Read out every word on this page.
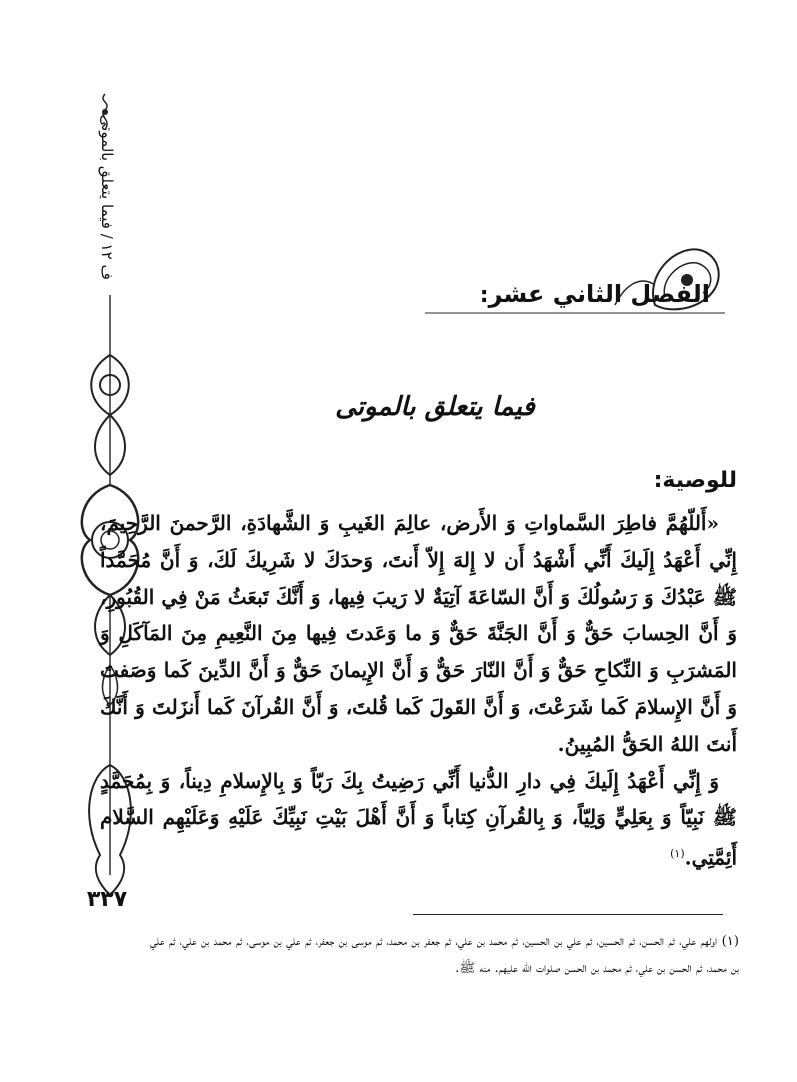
ف ١٢ / فيما يتعلق بالموتى
٣٣٧
الفصل الثاني عشر:
فيما يتعلق بالموتى
للوصية:

«أَللّهُمَّ فاطِرَ السَّماواتِ وَ الأَرض، عالِمَ الغَيبِ وَ الشَّهادَةِ، الرَّحمنَ الرَّحِيمَ، إِنِّي أَعْهَدُ إِلَيكَ أَنِّي أَشْهَدُ أَن لا إِلهَ إِلاّ أَنتَ، وَحدَكَ لا شَرِيكَ لَكَ، وَ أَنَّ مُحَمَّداً ﷺ عَبْدُكَ وَ رَسُولُكَ وَ أَنَّ السّاعَةَ آتِيَةٌ لا رَيبَ فِيها، وَ أَنَّكَ تَبعَثُ مَنْ فِي القُبُورِ، وَ أَنَّ الحِسابَ حَقٌّ وَ أَنَّ الجَنَّةَ حَقٌّ وَ ما وَعَدتَ فِيها مِنَ النَّعِيمِ مِنَ المَآكَلِ وَ المَشرَبِ وَ النِّكاحِ حَقٌّ وَ أَنَّ النّارَ حَقٌّ وَ أَنَّ الإِيمانَ حَقٌّ وَ أَنَّ الدِّينَ كَما وَصَفتَ وَ أَنَّ الإِسلامَ كَما شَرَعْتَ، وَ أَنَّ القَولَ كَما قُلتَ، وَ أَنَّ القُرآنَ كَما أَنزَلتَ وَ أَنَّكَ أَنتَ اللهُ الحَقُّ المُبِينُ.

وَ إِنِّي أَعْهَدُ إِلَيكَ فِي دارِ الدُّنيا أَنِّي رَضِيتُ بِكَ رَبّاً وَ بِالإِسلامِ دِيناً، وَ بِمُحَمَّدٍ ﷺ نَبِيّاً وَ بِعَلِيٍّ وَلِيّاً، وَ بِالقُرآنِ كِتاباً وَ أَنَّ أَهْلَ بَيْتِ نَبِيِّكَ عَلَيْهِ وَعَلَيْهِم السَّلام أَئِمَّتِي.$^{(١)}$

(١) اولهم علي، ثم الحسن، ثم الحسين، ثم علي بن الحسين، ثم محمد بن علي، ثم جعفر بن محمد، ثم موسى بن جعفر، ثم علي بن موسى، ثم محمد بن علي، ثم علي بن محمد، ثم الحسن بن علي، ثم محمد بن الحسن صلوات الله عليهم. منه ﷺ.
